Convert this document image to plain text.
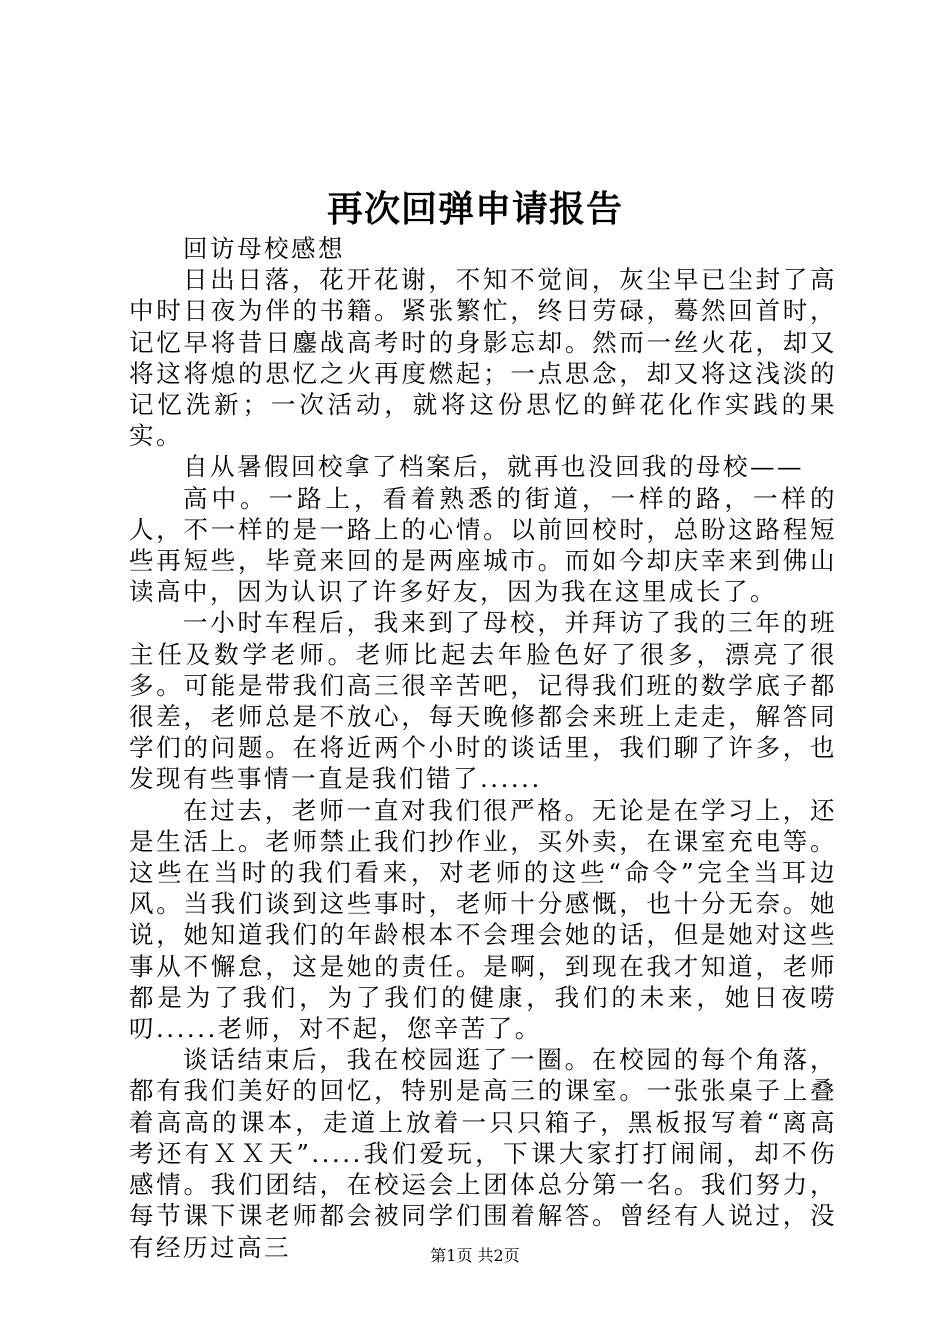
再次回弹申请报告

回访母校感想

日出日落，花开花谢，不知不觉间，灰尘早已尘封了高中时日夜为伴的书籍。紧张繁忙，终日劳碌，蓦然回首时，记忆早将昔日鏖战高考时的身影忘却。然而一丝火花，却又将这将熄的思忆之火再度燃起；一点思念，却又将这浅淡的记忆洗新；一次活动，就将这份思忆的鲜花化作实践的果实。

自从暑假回校拿了档案后，就再也没回我的母校——

高中。一路上，看着熟悉的街道，一样的路，一样的人，不一样的是一路上的心情。以前回校时，总盼这路程短些再短些，毕竟来回的是两座城市。而如今却庆幸来到佛山读高中，因为认识了许多好友，因为我在这里成长了。

一小时车程后，我来到了母校，并拜访了我的三年的班主任及数学老师。老师比起去年脸色好了很多，漂亮了很多。可能是带我们高三很辛苦吧，记得我们班的数学底子都很差，老师总是不放心，每天晚修都会来班上走走，解答同学们的问题。在将近两个小时的谈话里，我们聊了许多，也发现有些事情一直是我们错了......

在过去，老师一直对我们很严格。无论是在学习上，还是生活上。老师禁止我们抄作业，买外卖，在课室充电等。这些在当时的我们看来，对老师的这些“命令”完全当耳边风。当我们谈到这些事时，老师十分感慨，也十分无奈。她说，她知道我们的年龄根本不会理会她的话，但是她对这些事从不懈怠，这是她的责任。是啊，到现在我才知道，老师都是为了我们，为了我们的健康，我们的未来，她日夜唠叨......老师，对不起，您辛苦了。

谈话结束后，我在校园逛了一圈。在校园的每个角落，都有我们美好的回忆，特别是高三的课室。一张张桌子上叠着高高的课本，走道上放着一只只箱子，黑板报写着“离高考还有ＸＸ天”.....我们爱玩，下课大家打打闹闹，却不伤感情。我们团结，在校运会上团体总分第一名。我们努力，每节课下课老师都会被同学们围着解答。曾经有人说过，没有经历过高三	第1页 共2页
